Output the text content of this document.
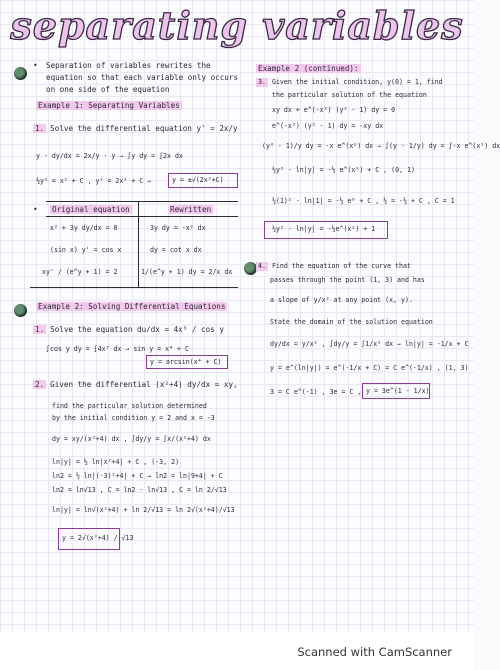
separating variables
• Separation of variables rewrites the
equation so that each variable only occurs
on one side of the equation
Example 1: Separating Variables
1. Solve the differential equation y' = 2x/y
y · dy/dx = 2x/y · y → ∫y dy = ∫2x dx
½y² = x² + C , y² = 2x² + C →	y = ±√(2x²+C)
• Original equation	Rewritten
x² + 3y dy/dx = 0	3y dy = -x² dx
(sin x) y' = cos x	dy = cot x dx
xy' / (e^y + 1) = 2	1/(e^y + 1) dy = 2/x dx
Example 2: Solving Differential Equations
1. Solve the equation du/dx = 4x³ / cos y
∫cos y dy = ∫4x³ dx → sin y = x⁴ + C
y = arcsin(x⁴ + C)
2. Given the differential (x²+4) dy/dx = xy,
find the particular solution determined
by the initial condition y = 2 and x = -3
dy = xy/(x²+4) dx , ∫dy/y = ∫x/(x²+4) dx
ln|y| = ½ ln|x²+4| + C , (-3, 2)
ln2 = ½ ln|(-3)²+4| + C → ln2 = ln|9+4| + C
ln2 = ln√13 , C = ln2 - ln√13 , C = ln 2/√13
ln|y| = ln√(x²+4) + ln 2/√13 = ln 2√(x²+4)/√13
y = 2√(x²+4) / √13
Example 2 (continued):
3. Given the initial condition, y(0) = 1, find
the particular solution of the equation
xy dx + e^(-x²) (y² - 1) dy = 0
e^(-x²) (y² - 1) dy = -xy dx
(y² - 1)/y dy = -x e^(x²) dx → ∫(y - 1/y) dy = ∫-x e^(x²) dx
½y² - ln|y| = -½ e^(x²) + C , (0, 1)
½(1)² - ln|1| = -½ e⁰ + C , ½ = -½ + C , C = 1
½y² - ln|y| = -½e^(x²) + 1
4. Find the equation of the curve that
passes through the point (1, 3) and has
a slope of y/x² at any point (x, y).
State the domain of the solution equation
dy/dx = y/x² , ∫dy/y = ∫1/x² dx → ln|y| = -1/x + C
y = e^(ln|y|) = e^(-1/x + C) = C e^(-1/x) , (1, 3)
3 = C e^(-1) , 3e = C , y = 3e^(1 - 1/x)
Scanned with CamScanner
